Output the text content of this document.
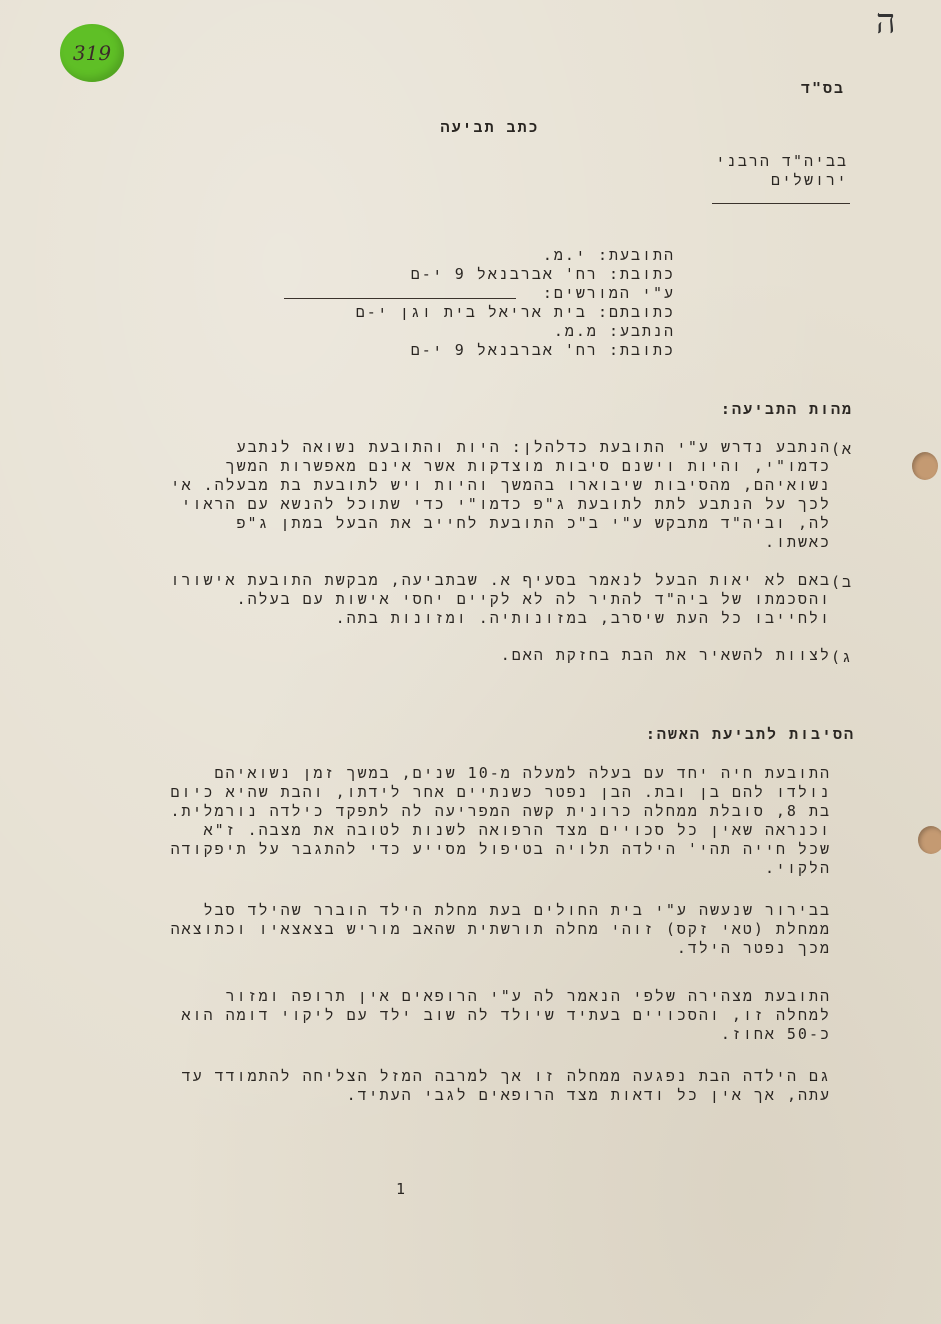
319
ה
בס"ד
כתב תביעה
בביה"ד הרבני
ירושלים
התובעת: י.מ.
כתובת: רח' אברבנאל 9 י-ם
ע"י המורשים:
כתובתם: בית אריאל בית וגן י-ם
הנתבע: מ.מ.
כתובת: רח' אברבנאל 9 י-ם
מהות התביעה:
א)
הנתבע נדרש ע"י התובעת כדלהלן: היות והתובעת נשואה לנתבע
כדמו"י, והיות וישנם סיבות מוצדקות אשר אינם מאפשרות המשך
נשואיהם, מהסיבות שיבוארו בהמשך והיות ויש לתובעת בת מבעלה. אי
לכך על הנתבע לתת לתובעת ג"פ כדמו"י כדי שתוכל להנשא עם הראוי
לה, וביה"ד מתבקש ע"י ב"כ התובעת לחייב את הבעל במתן ג"פ
כאשתו.
ב)
באם לא יאות הבעל לנאמר בסעיף א. שבתביעה, מבקשת התובעת אישורו
והסכמתו של ביה"ד להתיר לה לא לקיים יחסי אישות עם בעלה.
ולחייבו כל העת שיסרב, במזונותיה. ומזונות בתה.
ג)
לצוות להשאיר את הבת בחזקת האם.
הסיבות לתביעת האשה:
התובעת חיה יחד עם בעלה למעלה מ-10 שנים, במשך זמן נשואיהם
נולדו להם בן ובת. הבן נפטר כשנתיים אחר לידתו, והבת שהיא כיום
בת 8, סובלת ממחלה כרונית קשה המפריעה לה לתפקד כילדה נורמלית.
וכנראה שאין כל סכויים מצד הרפואה לשנות לטובה את מצבה. ז"א
שכל חייה תהי' הילדה תלויה בטיפול מסייע כדי להתגבר על תיפקודה
הלקוי.
בבירור שנעשה ע"י בית החולים בעת מחלת הילד הוברר שהילד סבל
ממחלת (טאי זקס) זוהי מחלה תורשתית שהאב מוריש בצאצאיו וכתוצאה
מכך נפטר הילד.
התובעת מצהירה שלפי הנאמר לה ע"י הרופאים אין תרופה ומזור
למחלה זו, והסכויים בעתיד שיולד לה שוב ילד עם ליקוי דומה הוא
כ-50 אחוז.
גם הילדה הבת נפגעה ממחלה זו אך למרבה המזל הצליחה להתמודד עד
עתה, אך אין כל ודאות מצד הרופאים לגבי העתיד.
1
